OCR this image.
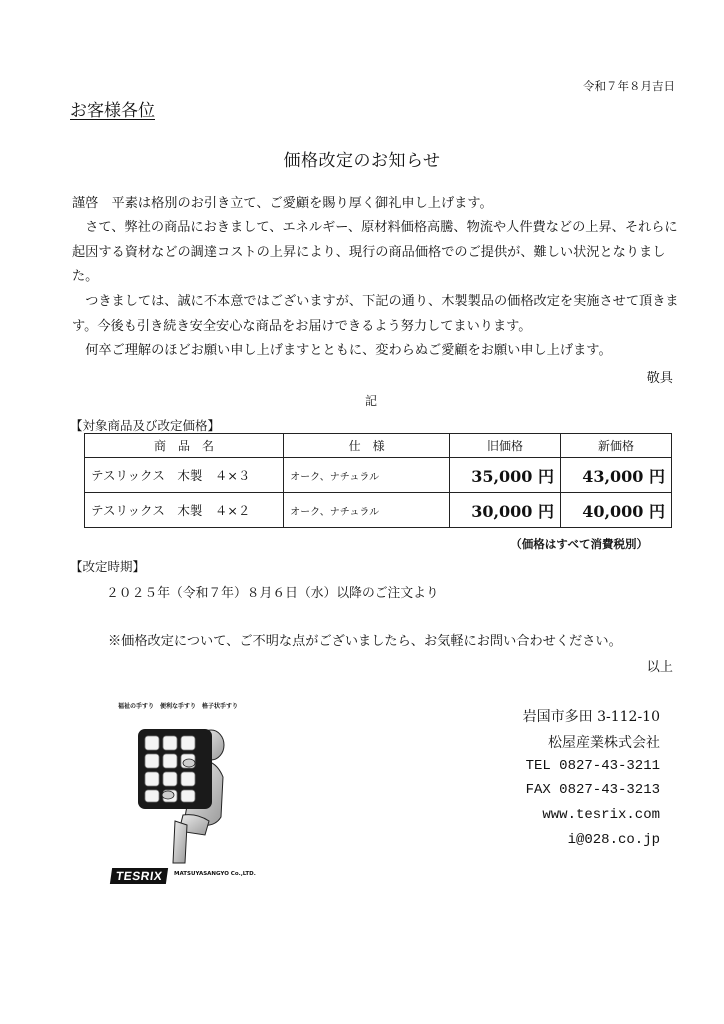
令和７年８月吉日
お客様各位
価格改定のお知らせ
謹啓　平素は格別のお引き立て、ご愛顧を賜り厚く御礼申し上げます。
さて、弊社の商品におきまして、エネルギー、原材料価格高騰、物流や人件費などの上昇、それらに起因する資材などの調達コストの上昇により、現行の商品価格でのご提供が、難しい状況となりました。
つきましては、誠に不本意ではございますが、下記の通り、木製製品の価格改定を実施させて頂きます。今後も引き続き安全安心な商品をお届けできるよう努力してまいります。
何卒ご理解のほどお願い申し上げますとともに、変わらぬご愛顧をお願い申し上げます。
敬具
記
【対象商品及び改定価格】
商　品　名	仕　様	旧価格	新価格
テスリックス　木製　４×３	オーク、ナチュラル	35,000 円	43,000 円
テスリックス　木製　４×２	オーク、ナチュラル	30,000 円	40,000 円
（価格はすべて消費税別）
【改定時期】
２０２５年（令和７年）８月６日（水）以降のご注文より
※価格改定について、ご不明な点がございましたら、お気軽にお問い合わせください。
以上
福祉の手すり　便利な手すり　格子状手すり
TESRIX	MATSUYASANGYO Co.,LTD.
岩国市多田 3-112-10
松屋産業株式会社
TEL 0827-43-3211
FAX 0827-43-3213
www.tesrix.com
i@028.co.jp
